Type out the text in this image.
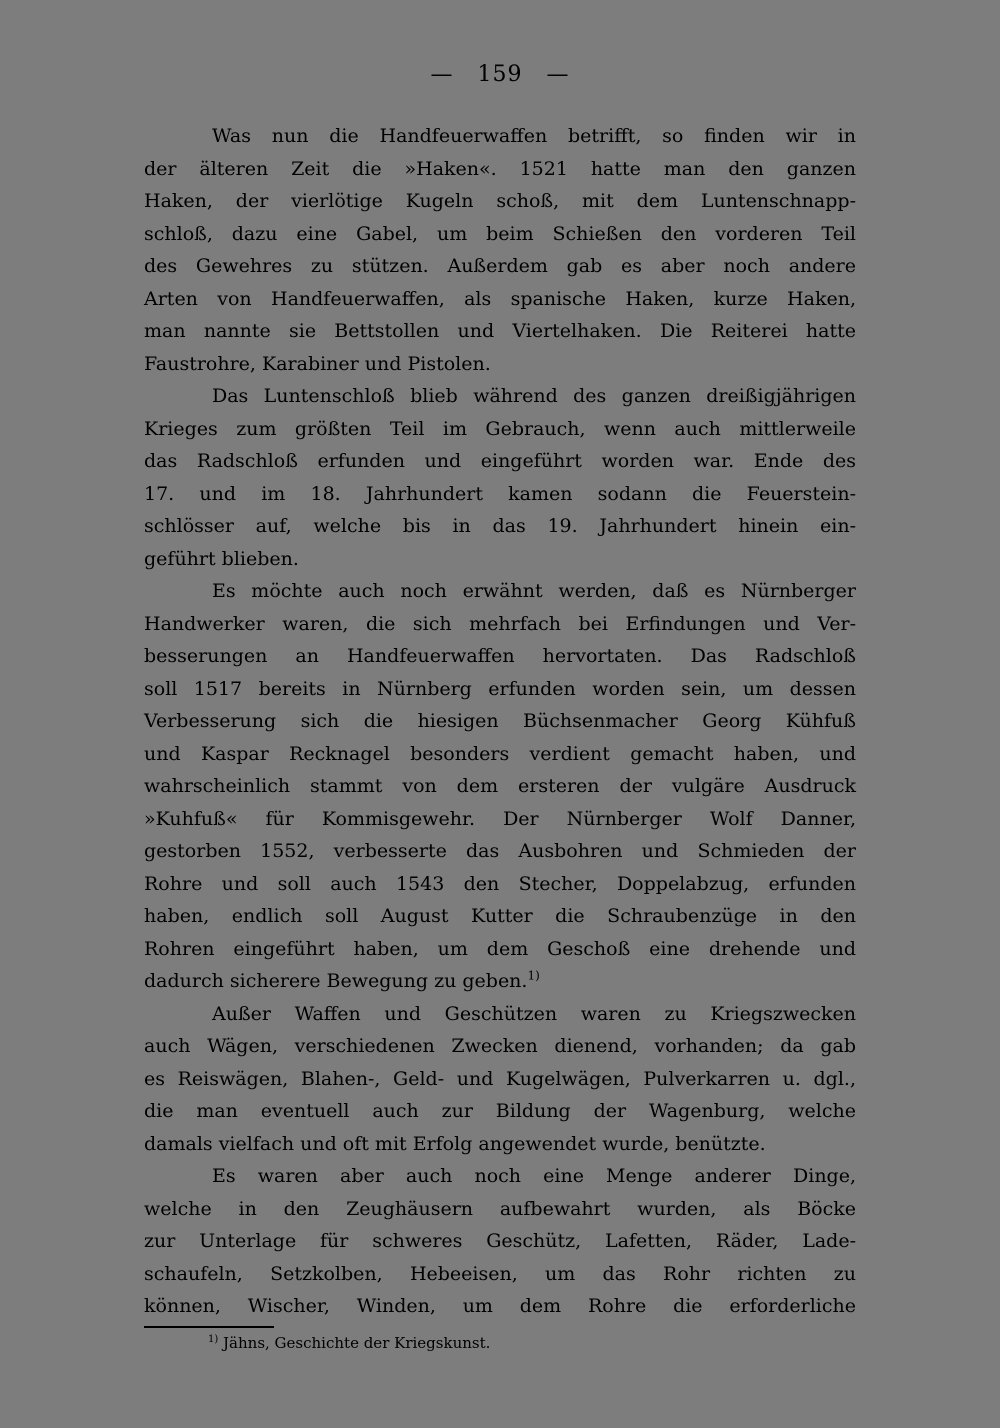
— 159 —
Was nun die Handfeuerwaffen betrifft, so finden wir in
der älteren Zeit die »Haken«. 1521 hatte man den ganzen
Haken, der vierlötige Kugeln schoß, mit dem Luntenschnapp-
schloß, dazu eine Gabel, um beim Schießen den vorderen Teil
des Gewehres zu stützen. Außerdem gab es aber noch andere
Arten von Handfeuerwaffen, als spanische Haken, kurze Haken,
man nannte sie Bettstollen und Viertelhaken. Die Reiterei hatte
Faustrohre, Karabiner und Pistolen.
Das Luntenschloß blieb während des ganzen dreißigjährigen
Krieges zum größten Teil im Gebrauch, wenn auch mittlerweile
das Radschloß erfunden und eingeführt worden war. Ende des
17. und im 18. Jahrhundert kamen sodann die Feuerstein-
schlösser auf, welche bis in das 19. Jahrhundert hinein ein-
geführt blieben.
Es möchte auch noch erwähnt werden, daß es Nürnberger
Handwerker waren, die sich mehrfach bei Erfindungen und Ver-
besserungen an Handfeuerwaffen hervortaten. Das Radschloß
soll 1517 bereits in Nürnberg erfunden worden sein, um dessen
Verbesserung sich die hiesigen Büchsenmacher Georg Kühfuß
und Kaspar Recknagel besonders verdient gemacht haben, und
wahrscheinlich stammt von dem ersteren der vulgäre Ausdruck
»Kuhfuß« für Kommisgewehr. Der Nürnberger Wolf Danner,
gestorben 1552, verbesserte das Ausbohren und Schmieden der
Rohre und soll auch 1543 den Stecher, Doppelabzug, erfunden
haben, endlich soll August Kutter die Schraubenzüge in den
Rohren eingeführt haben, um dem Geschoß eine drehende und
dadurch sicherere Bewegung zu geben.$^{1)}$
Außer Waffen und Geschützen waren zu Kriegszwecken
auch Wägen, verschiedenen Zwecken dienend, vorhanden; da gab
es Reiswägen, Blahen-, Geld- und Kugelwägen, Pulverkarren u. dgl.,
die man eventuell auch zur Bildung der Wagenburg, welche
damals vielfach und oft mit Erfolg angewendet wurde, benützte.
Es waren aber auch noch eine Menge anderer Dinge,
welche in den Zeughäusern aufbewahrt wurden, als Böcke
zur Unterlage für schweres Geschütz, Lafetten, Räder, Lade-
schaufeln, Setzkolben, Hebeeisen, um das Rohr richten zu
können, Wischer, Winden, um dem Rohre die erforderliche
$^{1)}$ Jähns, Geschichte der Kriegskunst.
